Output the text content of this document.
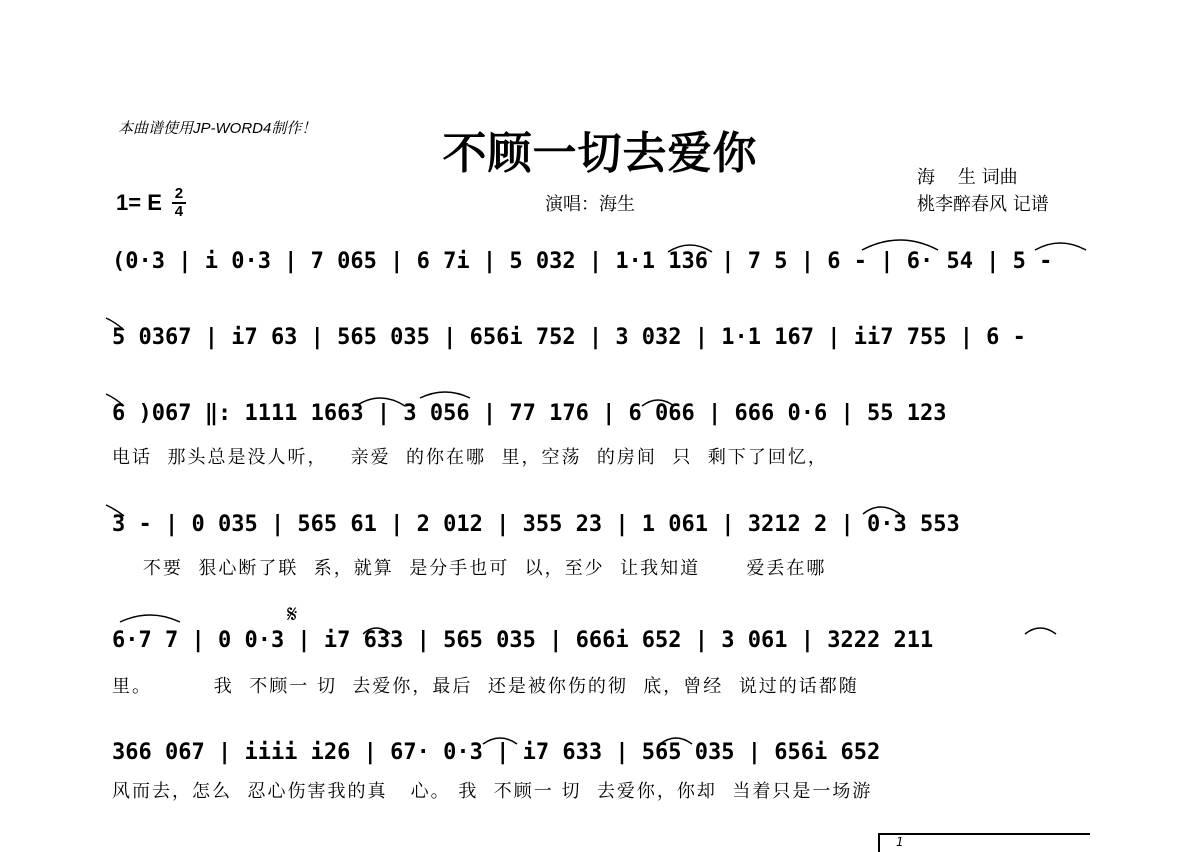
本曲谱使用JP-WORD4制作！	不顾一切去爱你
演唱：海生
海    生 词曲
桃李醉春风 记谱
1= E $\frac{2}{4}$
(0·3 | i 0·3 | 7 065 | 6 7i | 5 032 | 1·1 136 | 7 5 | 6 - | 6· 54 | 5 -
5 0367 | i7 63 | 565 035 | 656i 752 | 3 032 | 1·1 167 | ii7 755 | 6 -
6 )067 ‖: 1111 1663 | 3 056 | 77 176 | 6 066 | 666 0·6 | 55 123
电话  那头总是没人听，   亲爱  的你在哪  里，空荡  的房间  只  剩下了回忆，
3 - | 0 035 | 565 61 | 2 012 | 355 23 | 1 061 | 3212 2 | 0·3 553
不要  狠心断了联  系，就算  是分手也可  以，至少  让我知道      爱丢在哪
𝄋
6·7 7 | 0 0·3 | i7 633 | 565 035 | 666i 652 | 3 061 | 3222 211
里。        我  不顾一 切  去爱你，最后  还是被你伤的彻  底，曾经  说过的话都随
366 067 | iiii i26 | 67· 0·3 | i7 633 | 565 035 | 656i 652
风而去，怎么  忍心伤害我的真   心。 我  不顾一 切  去爱你，你却  当着只是一场游
1
